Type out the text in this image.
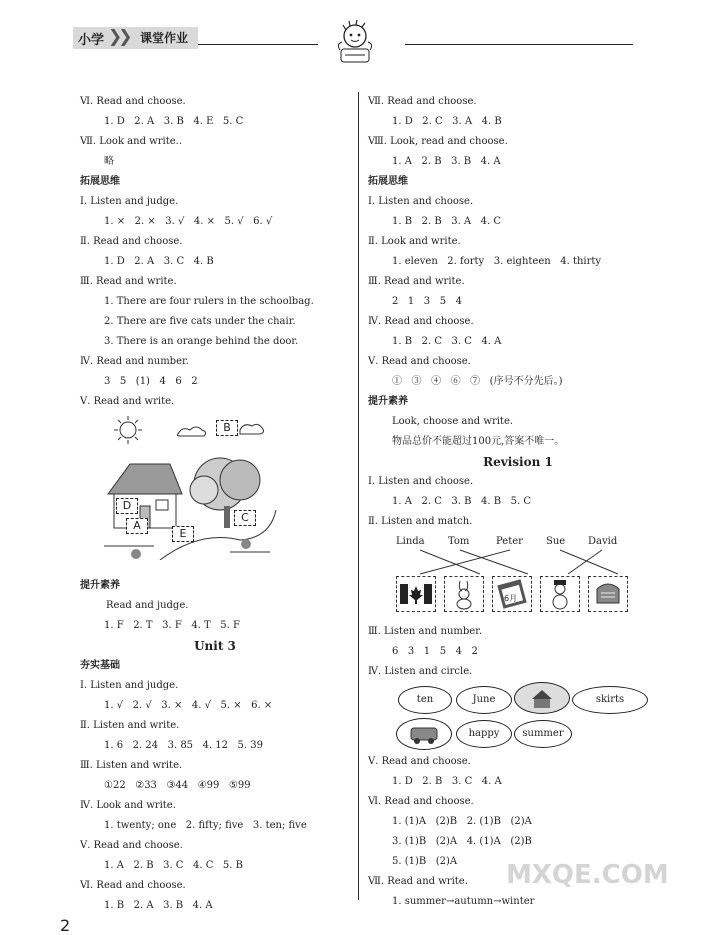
小学 ❯❯ 课堂作业
Ⅵ. Read and choose.
1. D   2. A   3. B   4. E   5. C
Ⅶ. Look and write..
略
拓展思维
Ⅰ. Listen and judge.
1. ×   2. ×   3. √   4. ×   5. √   6. √
Ⅱ. Read and choose.
1. D   2. A   3. C   4. B
Ⅲ. Read and write.
1. There are four rulers in the schoolbag.
2. There are five cats under the chair.
3. There is an orange behind the door.
Ⅳ. Read and number.
3   5   (1)   4   6   2
Ⅴ. Read and write.
B
D
C
A
E
提升素养
Read and judge.
1. F   2. T   3. F   4. T   5. F
Unit 3
夯实基础
Ⅰ. Listen and judge.
1. √   2. √   3. ×   4. √   5. ×   6. ×
Ⅱ. Listen and write.
1. 6   2. 24   3. 85   4. 12   5. 39
Ⅲ. Listen and write.
①22   ②33   ③44   ④99   ⑤99
Ⅳ. Look and write.
1. twenty; one   2. fifty; five   3. ten; five
Ⅴ. Read and choose.
1. A   2. B   3. C   4. C   5. B
Ⅵ. Read and choose.
1. B   2. A   3. B   4. A
Ⅶ. Read and choose.
1. D   2. C   3. A   4. B
Ⅷ. Look, read and choose.
1. A   2. B   3. B   4. A
拓展思维
Ⅰ. Listen and choose.
1. B   2. B   3. A   4. C
Ⅱ. Look and write.
1. eleven   2. forty   3. eighteen   4. thirty
Ⅲ. Read and write.
2   1   3   5   4
Ⅳ. Read and choose.
1. B   2. C   3. C   4. A
Ⅴ. Read and choose.
①   ③   ④   ⑥   ⑦   (序号不分先后。)
提升素养
Look, choose and write.
物品总价不能超过100元,答案不唯一。
Revision 1
Ⅰ. Listen and choose.
1. A   2. C   3. B   4. B   5. C
Ⅱ. Listen and match.
Linda Tom	Peter Sue David
6月
Ⅲ. Listen and number.
6   3   1   5   4   2
Ⅳ. Listen and circle.
ten	June	skirts
happy	summer
Ⅴ. Read and choose.
1. D   2. B   3. C   4. A
Ⅵ. Read and choose.
1. (1)A   (2)B   2. (1)B   (2)A
3. (1)B   (2)A   4. (1)A   (2)B
5. (1)B   (2)A
Ⅶ. Read and write.
1. summer→autumn→winter
2
MXQE.COM
